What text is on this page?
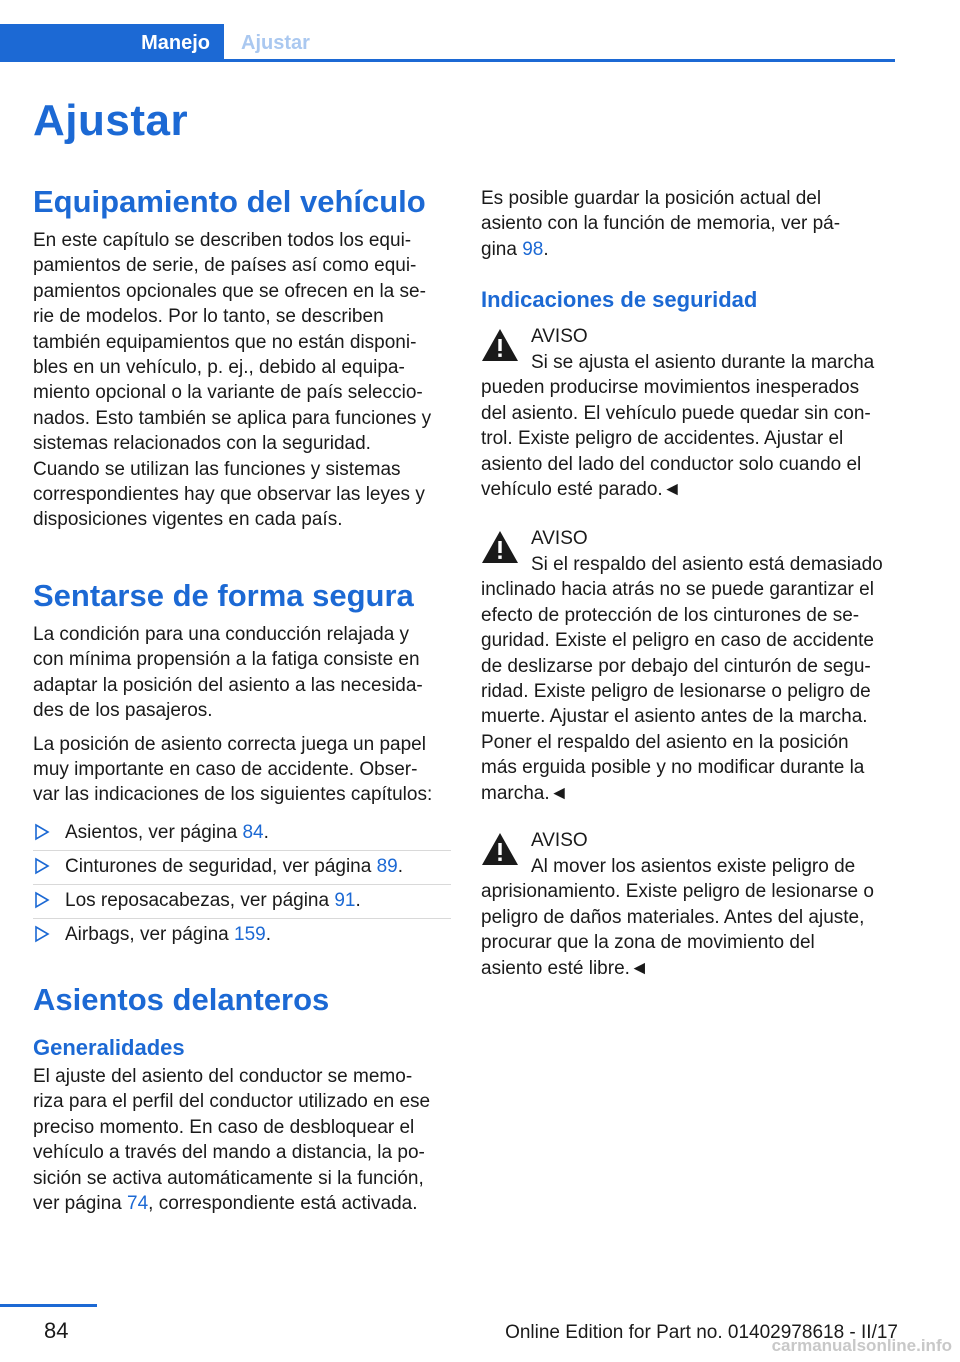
Manejo	Ajustar
Ajustar
Equipamiento del vehículo

En este capítulo se describen todos los equi‐

pamientos de serie, de países así como equi‐

pamientos opcionales que se ofrecen en la se‐

rie de modelos. Por lo tanto, se describen

también equipamientos que no están disponi‐

bles en un vehículo, p. ej., debido al equipa‐

miento opcional o la variante de país seleccio‐

nados. Esto también se aplica para funciones y

sistemas relacionados con la seguridad.

Cuando se utilizan las funciones y sistemas

correspondientes hay que observar las leyes y

disposiciones vigentes en cada país.

Sentarse de forma segura

La condición para una conducción relajada y

con mínima propensión a la fatiga consiste en

adaptar la posición del asiento a las necesida‐

des de los pasajeros.

La posición de asiento correcta juega un papel

muy importante en caso de accidente. Obser‐

var las indicaciones de los siguientes capítulos:

Asientos, ver página 84.
Cinturones de seguridad, ver página 89.
Los reposacabezas, ver página 91.
Airbags, ver página 159.
Asientos delanteros
Generalidades

El ajuste del asiento del conductor se memo‐

riza para el perfil del conductor utilizado en ese

preciso momento. En caso de desbloquear el

vehículo a través del mando a distancia, la po‐

sición se activa automáticamente si la función,

ver página 74, correspondiente está activada.

Es posible guardar la posición actual del

asiento con la función de memoria, ver pá‐

gina 98.

Indicaciones de seguridad
AVISO

Si se ajusta el asiento durante la marcha

pueden producirse movimientos inesperados

del asiento. El vehículo puede quedar sin con‐

trol. Existe peligro de accidentes. Ajustar el

asiento del lado del conductor solo cuando el

vehículo esté parado.◄

AVISO

Si el respaldo del asiento está demasiado

inclinado hacia atrás no se puede garantizar el

efecto de protección de los cinturones de se‐

guridad. Existe el peligro en caso de accidente

de deslizarse por debajo del cinturón de segu‐

ridad. Existe peligro de lesionarse o peligro de

muerte. Ajustar el asiento antes de la marcha.

Poner el respaldo del asiento en la posición

más erguida posible y no modificar durante la

marcha.◄

AVISO

Al mover los asientos existe peligro de

aprisionamiento. Existe peligro de lesionarse o

peligro de daños materiales. Antes del ajuste,

procurar que la zona de movimiento del

asiento esté libre.◄

84	Online Edition for Part no. 01402978618 - II/17
carmanualsonline.info
